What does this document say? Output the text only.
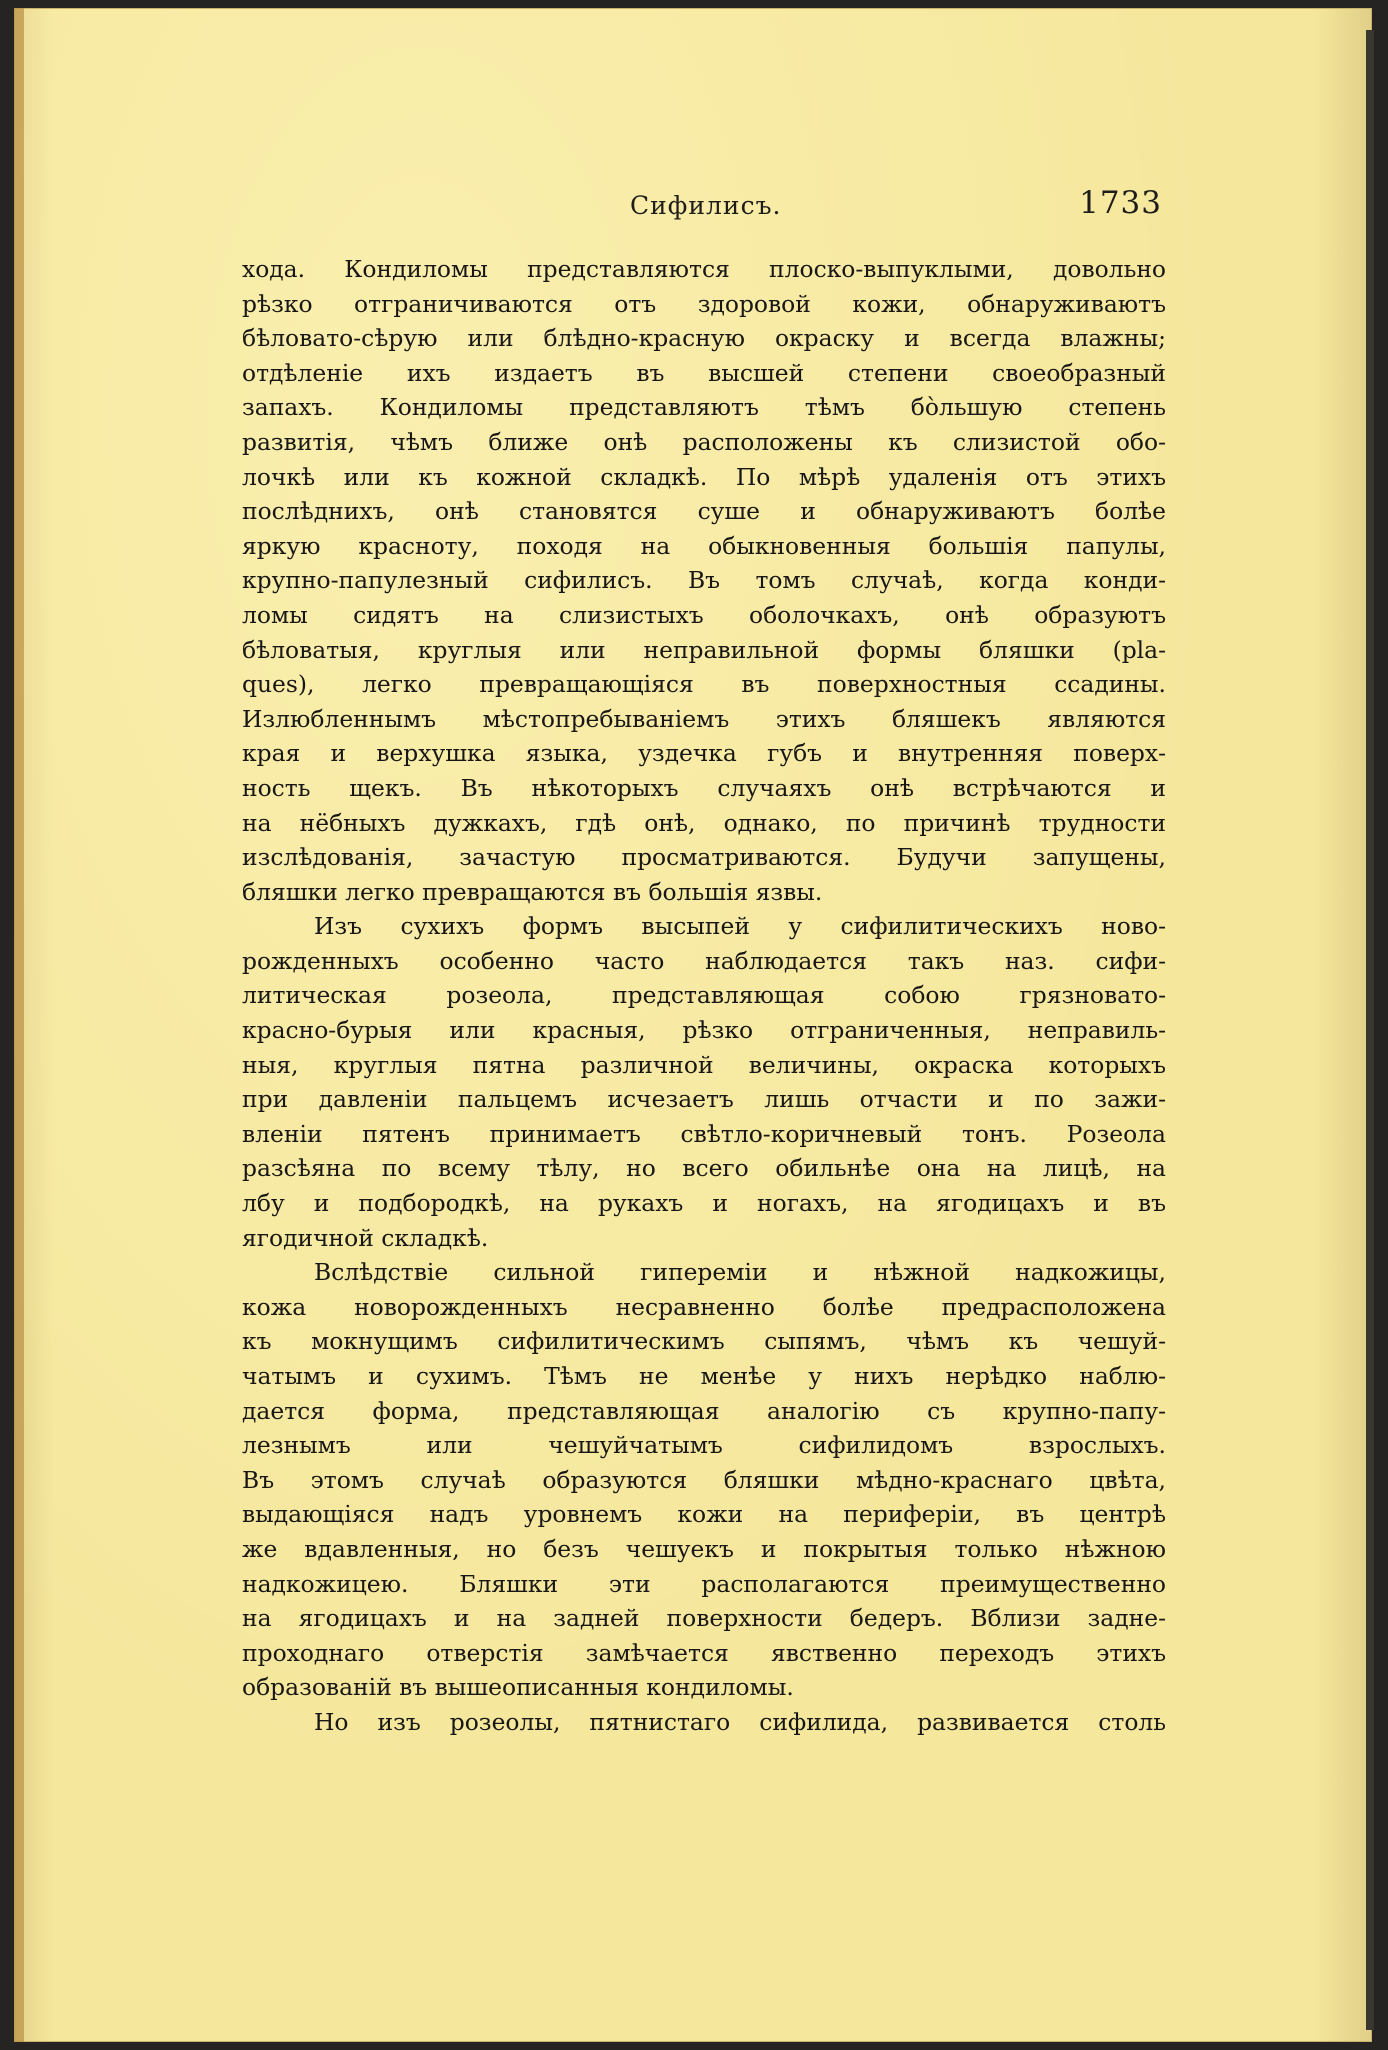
Сифилисъ.	1733
хода. Кондиломы представляются плоско-выпуклыми, довольно
рѣзко отграничиваются отъ здоровой кожи, обнаруживаютъ
бѣловато-сѣрую или блѣдно-красную окраску и всегда влажны;
отдѣленіе ихъ издаетъ въ высшей степени своеобразный
запахъ. Кондиломы представляютъ тѣмъ бо̀льшую степень
развитія, чѣмъ ближе онѣ расположены къ слизистой обо-
лочкѣ или къ кожной складкѣ. По мѣрѣ удаленія отъ этихъ
послѣднихъ, онѣ становятся суше и обнаруживаютъ болѣе
яркую красноту, походя на обыкновенныя большія папулы,
крупно-папулезный сифилисъ. Въ томъ случаѣ, когда конди-
ломы сидятъ на слизистыхъ оболочкахъ, онѣ образуютъ
бѣловатыя, круглыя или неправильной формы бляшки (pla-
ques), легко превращающіяся въ поверхностныя ссадины.
Излюбленнымъ мѣстопребываніемъ этихъ бляшекъ являются
края и верхушка языка, уздечка губъ и внутренняя поверх-
ность щекъ. Въ нѣкоторыхъ случаяхъ онѣ встрѣчаются и
на нёбныхъ дужкахъ, гдѣ онѣ, однако, по причинѣ трудности
изслѣдованія, зачастую просматриваются. Будучи запущены,
бляшки легко превращаются въ большія язвы.
Изъ сухихъ формъ высыпей у сифилитическихъ ново-
рожденныхъ особенно часто наблюдается такъ наз. сифи-
литическая розеола, представляющая собою грязновато-
красно-бурыя или красныя, рѣзко отграниченныя, неправиль-
ныя, круглыя пятна различной величины, окраска которыхъ
при давленіи пальцемъ исчезаетъ лишь отчасти и по зажи-
вленіи пятенъ принимаетъ свѣтло-коричневый тонъ. Розеола
разсѣяна по всему тѣлу, но всего обильнѣе она на лицѣ, на
лбу и подбородкѣ, на рукахъ и ногахъ, на ягодицахъ и въ
ягодичной складкѣ.
Вслѣдствіе сильной гипереміи и нѣжной надкожицы,
кожа новорожденныхъ несравненно болѣе предрасположена
къ мокнущимъ сифилитическимъ сыпямъ, чѣмъ къ чешуй-
чатымъ и сухимъ. Тѣмъ не менѣе у нихъ нерѣдко наблю-
дается форма, представляющая аналогію съ крупно-папу-
лезнымъ или чешуйчатымъ сифилидомъ взрослыхъ.
Въ этомъ случаѣ образуются бляшки мѣдно-краснаго цвѣта,
выдающіяся надъ уровнемъ кожи на периферіи, въ центрѣ
же вдавленныя, но безъ чешуекъ и покрытыя только нѣжною
надкожицею. Бляшки эти располагаются преимущественно
на ягодицахъ и на задней поверхности бедеръ. Вблизи задне-
проходнаго отверстія замѣчается явственно переходъ этихъ
образованій въ вышеописанныя кондиломы.
Но изъ розеолы, пятнистаго сифилида, развивается столь
